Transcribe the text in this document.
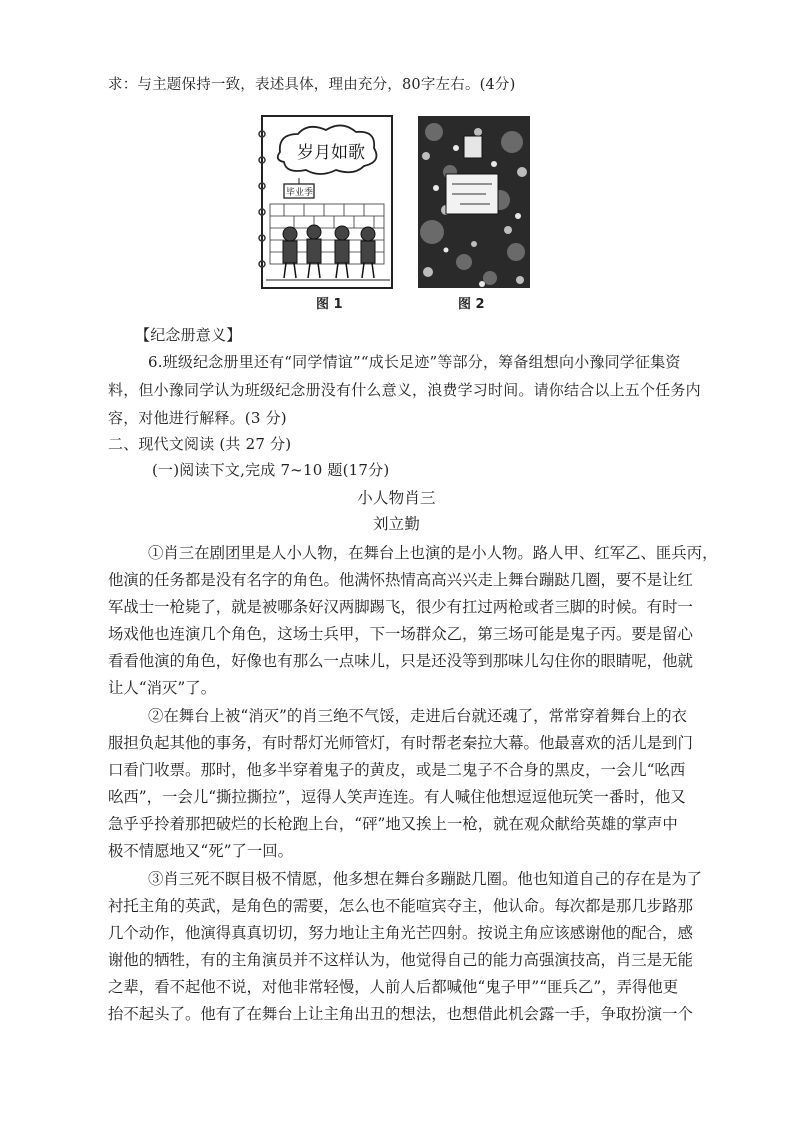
求：与主题保持一致，表述具体，理由充分，80字左右。(4分)
岁月如歌
毕业季
图 1	图 2
【纪念册意义】
6.班级纪念册里还有“同学情谊”“成长足迹”等部分，筹备组想向小豫同学征集资
料，但小豫同学认为班级纪念册没有什么意义，浪费学习时间。请你结合以上五个任务内
容，对他进行解释。(3 分)
二、现代文阅读 (共 27 分)
(一)阅读下文,完成 7~10 题(17分)
小人物肖三
刘立勤
①肖三在剧团里是人小人物，在舞台上也演的是小人物。路人甲、红军乙、匪兵丙，
他演的任务都是没有名字的角色。他满怀热情高高兴兴走上舞台蹦跶几圈，要不是让红
军战士一枪毙了，就是被哪条好汉两脚踢飞，很少有扛过两枪或者三脚的时候。有时一
场戏他也连演几个角色，这场士兵甲，下一场群众乙，第三场可能是鬼子丙。要是留心
看看他演的角色，好像也有那么一点味儿，只是还没等到那味儿勾住你的眼睛呢，他就
让人“消灭”了。
②在舞台上被“消灭”的肖三绝不气馁，走进后台就还魂了，常常穿着舞台上的衣
服担负起其他的事务，有时帮灯光师管灯，有时帮老秦拉大幕。他最喜欢的活儿是到门
口看门收票。那时，他多半穿着鬼子的黄皮，或是二鬼子不合身的黑皮，一会儿“吆西
吆西”，一会儿“撕拉撕拉”，逗得人笑声连连。有人喊住他想逗逗他玩笑一番时，他又
急乎乎拎着那把破烂的长枪跑上台，“砰”地又挨上一枪，就在观众献给英雄的掌声中
极不情愿地又“死”了一回。
③肖三死不瞑目极不情愿，他多想在舞台多蹦跶几圈。他也知道自己的存在是为了
衬托主角的英武，是角色的需要，怎么也不能喧宾夺主，他认命。每次都是那几步路那
几个动作，他演得真真切切，努力地让主角光芒四射。按说主角应该感谢他的配合，感
谢他的牺牲，有的主角演员并不这样认为，他觉得自己的能力高强演技高，肖三是无能
之辈，看不起他不说，对他非常轻慢，人前人后都喊他“鬼子甲”“匪兵乙”，弄得他更
抬不起头了。他有了在舞台上让主角出丑的想法，也想借此机会露一手，争取扮演一个
